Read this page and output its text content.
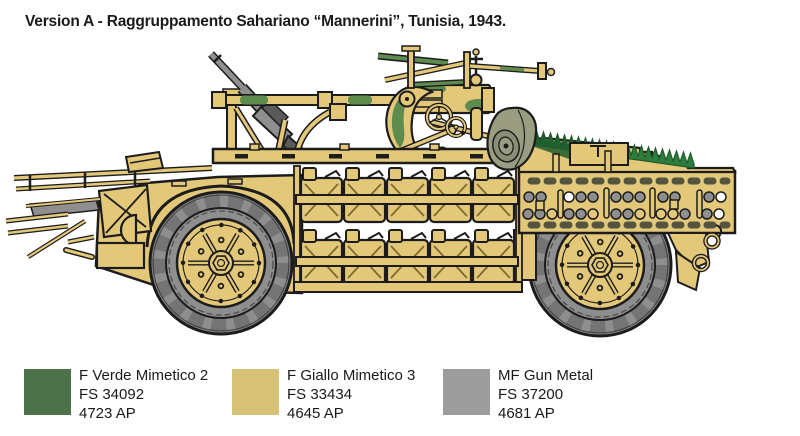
Version A - Raggruppamento Sahariano “Mannerini”, Tunisia, 1943.
F Verde Mimetico 2
FS 34092
4723 AP
F Giallo Mimetico 3
FS 33434
4645 AP
MF Gun Metal
FS 37200
4681 AP
